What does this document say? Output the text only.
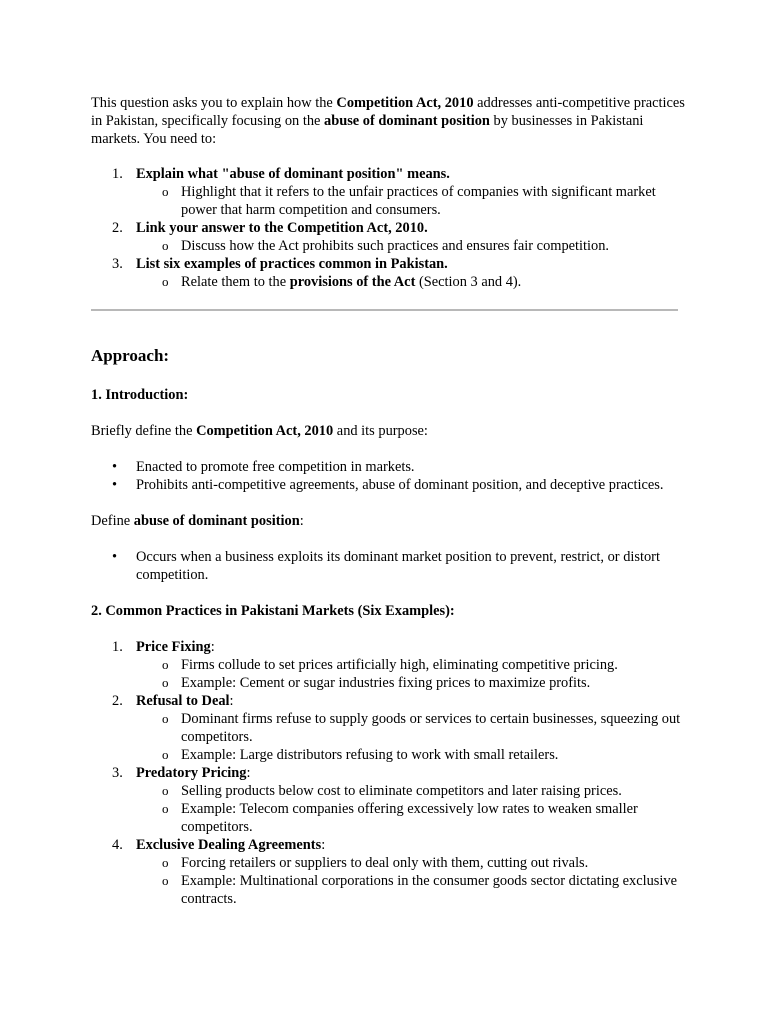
This question asks you to explain how the Competition Act, 2010 addresses anti-competitive practices in Pakistan, specifically focusing on the abuse of dominant position by businesses in Pakistani markets. You need to:

1. Explain what "abuse of dominant position" means.
o Highlight that it refers to the unfair practices of companies with significant market power that harm competition and consumers.
2. Link your answer to the Competition Act, 2010.
o Discuss how the Act prohibits such practices and ensures fair competition.
3. List six examples of practices common in Pakistan.
o Relate them to the provisions of the Act (Section 3 and 4).
Approach:
1. Introduction:

Briefly define the Competition Act, 2010 and its purpose:

• Enacted to promote free competition in markets.
• Prohibits anti-competitive agreements, abuse of dominant position, and deceptive practices.

Define abuse of dominant position:

• Occurs when a business exploits its dominant market position to prevent, restrict, or distort competition.
2. Common Practices in Pakistani Markets (Six Examples):
1. Price Fixing:
o Firms collude to set prices artificially high, eliminating competitive pricing.
o Example: Cement or sugar industries fixing prices to maximize profits.
2. Refusal to Deal:
o Dominant firms refuse to supply goods or services to certain businesses, squeezing out competitors.
o Example: Large distributors refusing to work with small retailers.
3. Predatory Pricing:
o Selling products below cost to eliminate competitors and later raising prices.
o Example: Telecom companies offering excessively low rates to weaken smaller competitors.
4. Exclusive Dealing Agreements:
o Forcing retailers or suppliers to deal only with them, cutting out rivals.
o Example: Multinational corporations in the consumer goods sector dictating exclusive contracts.
